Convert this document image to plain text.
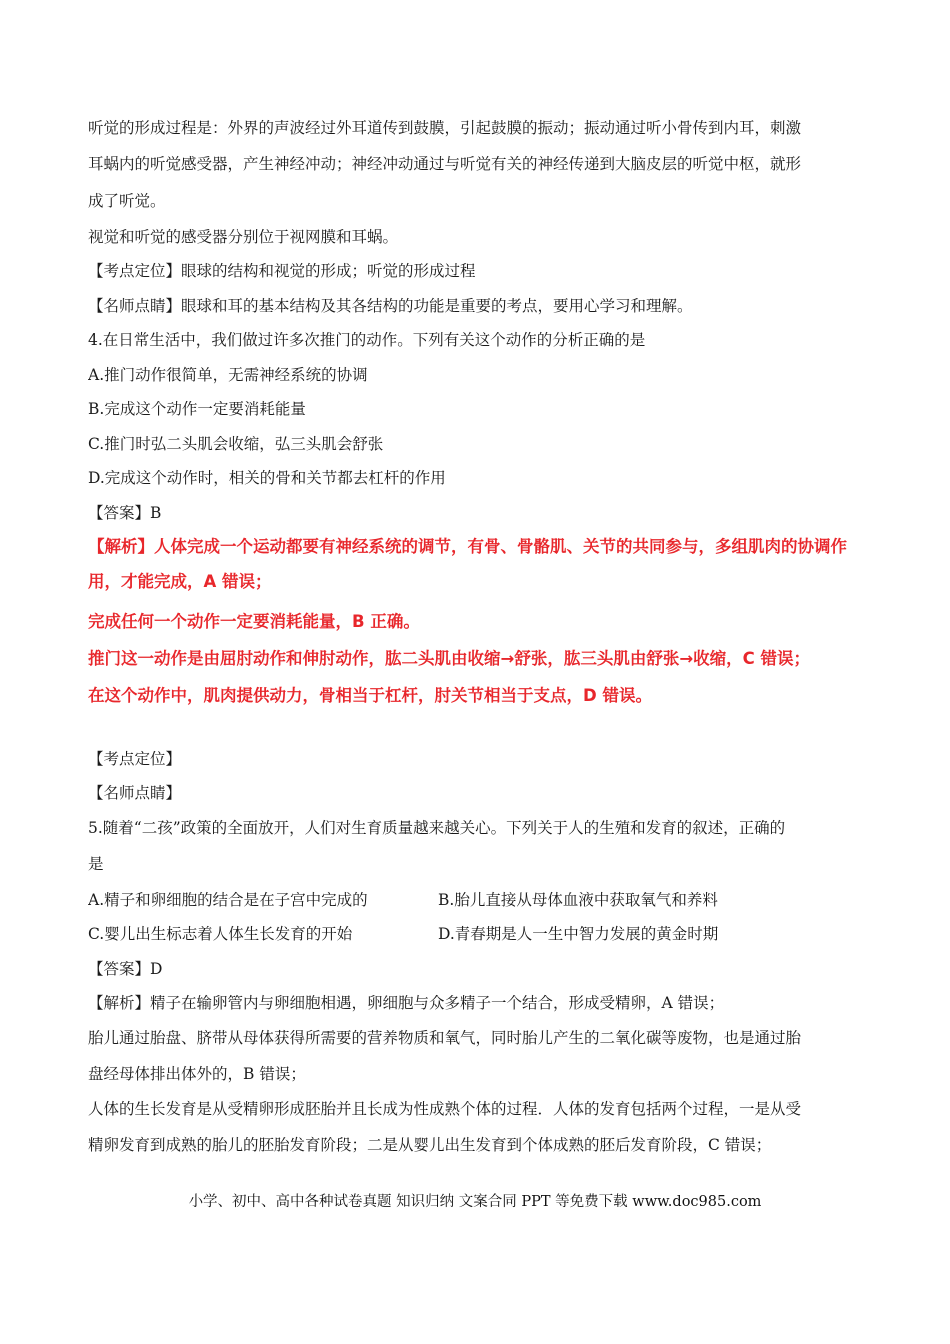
听觉的形成过程是：外界的声波经过外耳道传到鼓膜，引起鼓膜的振动；振动通过听小骨传到内耳，刺激
耳蜗内的听觉感受器，产生神经冲动；神经冲动通过与听觉有关的神经传递到大脑皮层的听觉中枢，就形
成了听觉。
视觉和听觉的感受器分别位于视网膜和耳蜗。
【考点定位】眼球的结构和视觉的形成；听觉的形成过程
【名师点睛】眼球和耳的基本结构及其各结构的功能是重要的考点，要用心学习和理解。
4.在日常生活中，我们做过许多次推门的动作。下列有关这个动作的分析正确的是
A.推门动作很简单，无需神经系统的协调
B.完成这个动作一定要消耗能量
C.推门时弘二头肌会收缩，弘三头肌会舒张
D.完成这个动作时，相关的骨和关节都去杠杆的作用
【答案】B
【解析】人体完成一个运动都要有神经系统的调节，有骨、骨骼肌、关节的共同参与，多组肌肉的协调作
用，才能完成，A 错误；
完成任何一个动作一定要消耗能量，B 正确。
推门这一动作是由屈肘动作和伸肘动作，肱二头肌由收缩→舒张，肱三头肌由舒张→收缩，C 错误；
在这个动作中，肌肉提供动力，骨相当于杠杆，肘关节相当于支点，D 错误。
【考点定位】
【名师点睛】
5.随着“二孩”政策的全面放开，人们对生育质量越来越关心。下列关于人的生殖和发育的叙述，正确的
是
A.精子和卵细胞的结合是在子宫中完成的	B.胎儿直接从母体血液中获取氧气和养料
C.婴儿出生标志着人体生长发育的开始	D.青春期是人一生中智力发展的黄金时期
【答案】D
【解析】精子在输卵管内与卵细胞相遇，卵细胞与众多精子一个结合，形成受精卵，A 错误；
胎儿通过胎盘、脐带从母体获得所需要的营养物质和氧气，同时胎儿产生的二氧化碳等废物，也是通过胎
盘经母体排出体外的，B 错误；
人体的生长发育是从受精卵形成胚胎并且长成为性成熟个体的过程．人体的发育包括两个过程，一是从受
精卵发育到成熟的胎儿的胚胎发育阶段；二是从婴儿出生发育到个体成熟的胚后发育阶段，C 错误；
小学、初中、高中各种试卷真题 知识归纳 文案合同 PPT 等免费下载 www.doc985.com
